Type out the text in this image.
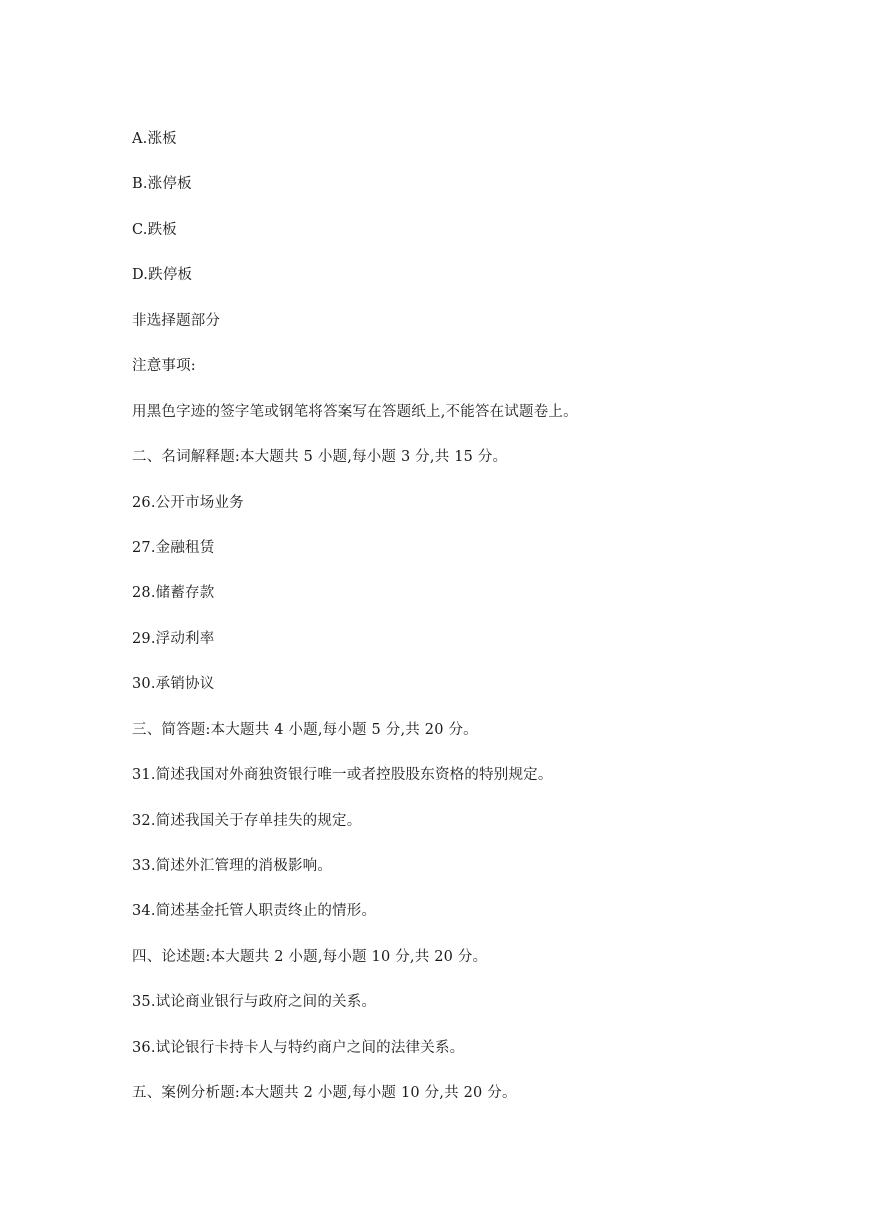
A.涨板
B.涨停板
C.跌板
D.跌停板
非选择题部分
注意事项:
用黑色字迹的签字笔或钢笔将答案写在答题纸上,不能答在试题卷上。
二、名词解释题:本大题共 5 小题,每小题 3 分,共 15 分。
26.公开市场业务
27.金融租赁
28.储蓄存款
29.浮动利率
30.承销协议
三、简答题:本大题共 4 小题,每小题 5 分,共 20 分。
31.简述我国对外商独资银行唯一或者控股股东资格的特别规定。
32.简述我国关于存单挂失的规定。
33.简述外汇管理的消极影响。
34.简述基金托管人职责终止的情形。
四、论述题:本大题共 2 小题,每小题 10 分,共 20 分。
35.试论商业银行与政府之间的关系。
36.试论银行卡持卡人与特约商户之间的法律关系。
五、案例分析题:本大题共 2 小题,每小题 10 分,共 20 分。
